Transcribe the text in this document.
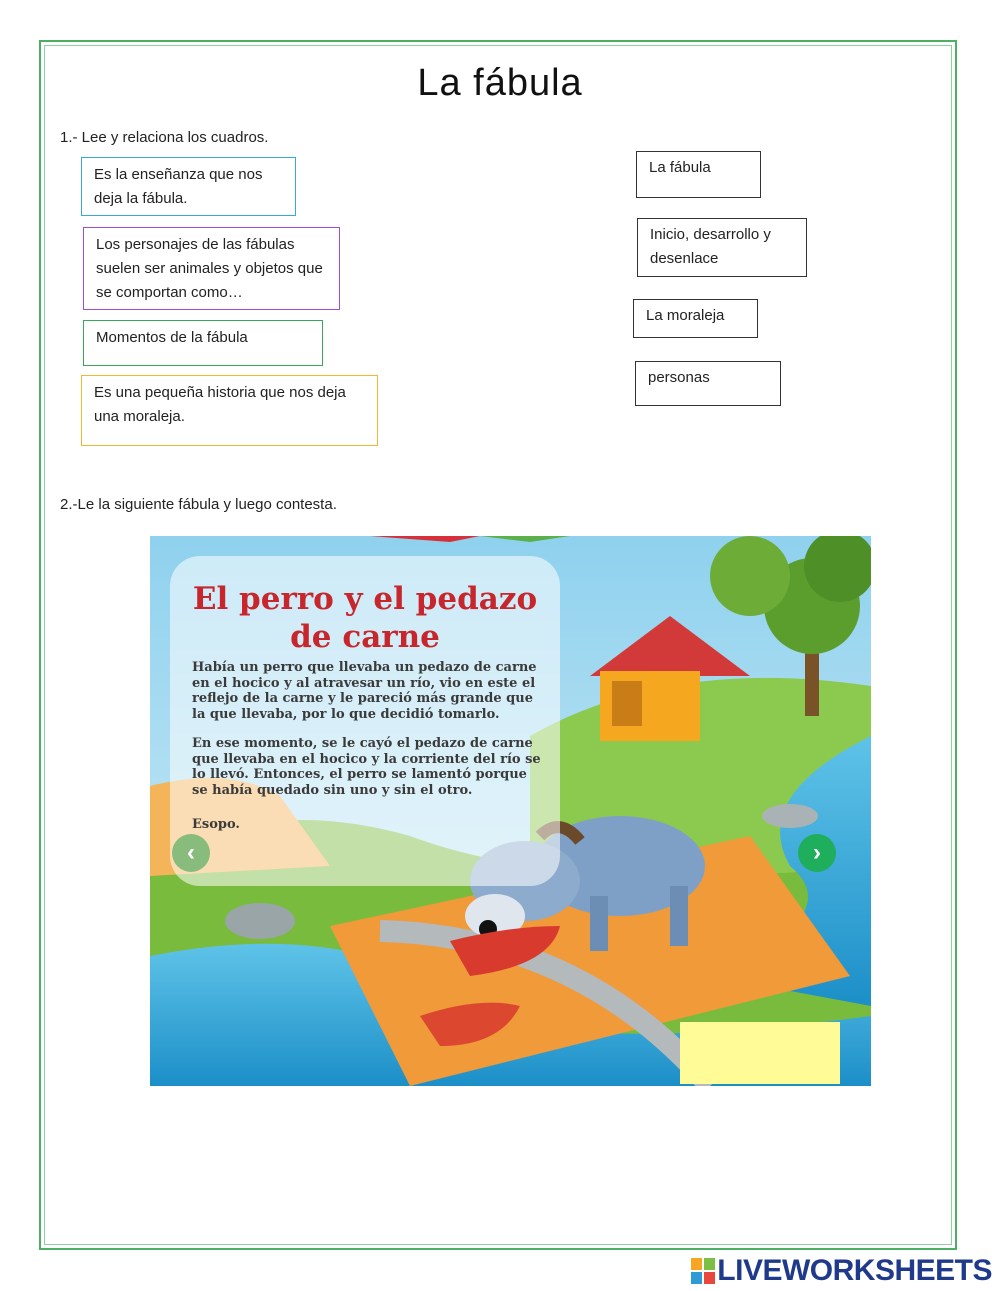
La fábula
1.- Lee y relaciona los cuadros.
Es la enseñanza que nos deja la fábula.
Los personajes de las fábulas suelen ser animales y objetos que se comportan como…
Momentos de la fábula
Es una pequeña historia que nos deja una moraleja.
La fábula
Inicio, desarrollo y desenlace
La moraleja
personas
2.-Le la siguiente fábula y luego contesta.
El perro y el pedazo
de carne
Había un perro que llevaba un pedazo de carne en el hocico y al atravesar un río, vio en este el reflejo de la carne y le pareció más grande que la que llevaba, por lo que decidió tomarlo.
En ese momento, se le cayó el pedazo de carne que llevaba en el hocico y la corriente del río se lo llevó. Entonces, el perro se lamentó porque se había quedado sin uno y sin el otro.
Esopo.
‹	›
LIVEWORKSHEETS
